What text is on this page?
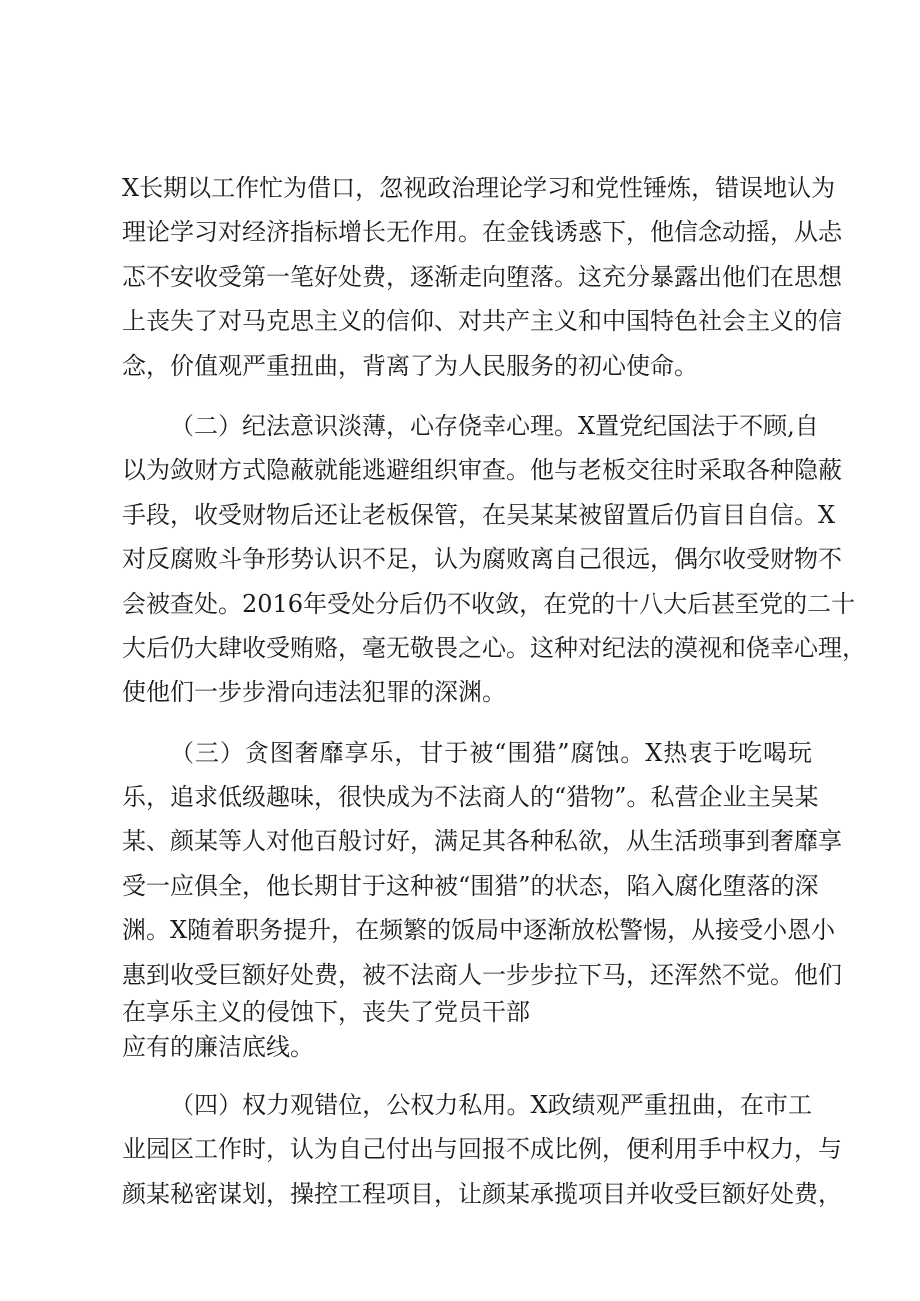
X长期以工作忙为借口，忽视政治理论学习和党性锤炼，错误地认为
理论学习对经济指标增长无作用。在金钱诱惑下，他信念动摇，从忐
忑不安收受第一笔好处费，逐渐走向堕落。这充分暴露出他们在思想
上丧失了对马克思主义的信仰、对共产主义和中国特色社会主义的信
念，价值观严重扭曲，背离了为人民服务的初心使命。
（二）纪法意识淡薄，心存侥幸心理。X置党纪国法于不顾,自
以为敛财方式隐蔽就能逃避组织审查。他与老板交往时采取各种隐蔽
手段，收受财物后还让老板保管，在吴某某被留置后仍盲目自信。X
对反腐败斗争形势认识不足，认为腐败离自己很远，偶尔收受财物不
会被查处。2016年受处分后仍不收敛，在党的十八大后甚至党的二十
大后仍大肆收受贿赂，毫无敬畏之心。这种对纪法的漠视和侥幸心理，
使他们一步步滑向违法犯罪的深渊。
（三）贪图奢靡享乐，甘于被“围猎”腐蚀。X热衷于吃喝玩
乐，追求低级趣味，很快成为不法商人的“猎物”。私营企业主吴某
某、颜某等人对他百般讨好，满足其各种私欲，从生活琐事到奢靡享
受一应俱全，他长期甘于这种被“围猎”的状态，陷入腐化堕落的深
渊。X随着职务提升，在频繁的饭局中逐渐放松警惕，从接受小恩小
惠到收受巨额好处费，被不法商人一步步拉下马，还浑然不觉。他们
在享乐主义的侵蚀下，丧失了党员干部
应有的廉洁底线。
（四）权力观错位，公权力私用。X政绩观严重扭曲，在市工
业园区工作时，认为自己付出与回报不成比例，便利用手中权力，与
颜某秘密谋划，操控工程项目，让颜某承揽项目并收受巨额好处费，
